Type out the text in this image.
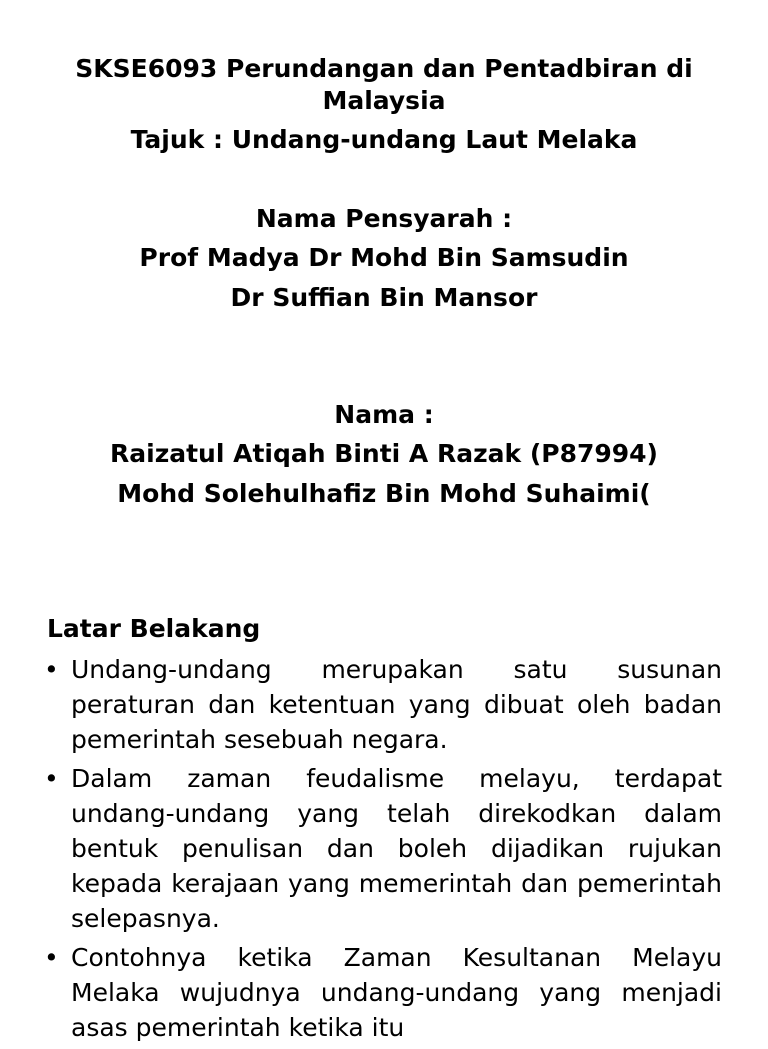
SKSE6093 Perundangan dan Pentadbiran di Malaysia
Tajuk : Undang-undang Laut Melaka
Nama Pensyarah :
Prof Madya Dr Mohd Bin Samsudin
Dr Suffian Bin Mansor
Nama :
Raizatul Atiqah Binti A Razak (P87994)
Mohd Solehulhafiz Bin Mohd Suhaimi(
Latar Belakang
• Undang-undang merupakan satu susunan peraturan dan ketentuan yang dibuat oleh badan pemerintah sesebuah negara.
• Dalam zaman feudalisme melayu, terdapat undang-undang yang telah direkodkan dalam bentuk penulisan dan boleh dijadikan rujukan kepada kerajaan yang memerintah dan pemerintah selepasnya.
• Contohnya ketika Zaman Kesultanan Melayu Melaka wujudnya undang-undang yang menjadi asas pemerintah ketika itu
